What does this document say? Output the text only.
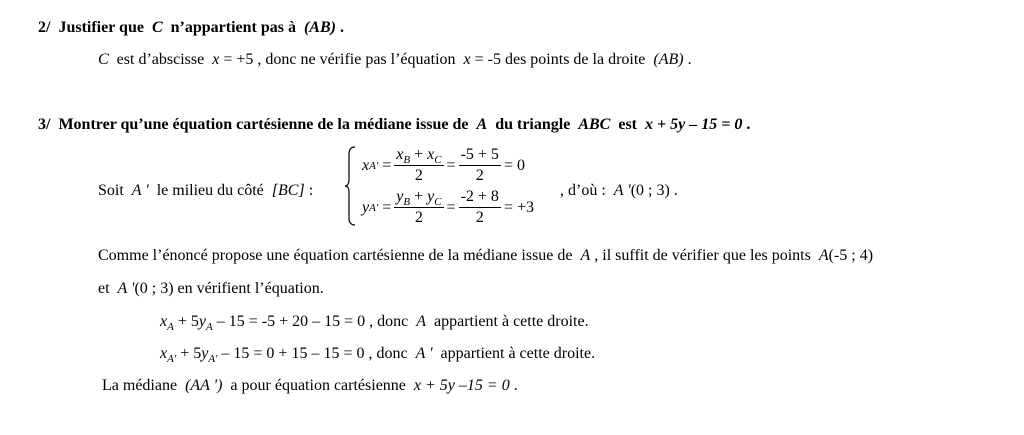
2/ Justifier que C n’appartient pas à (AB) .
C est d’abscisse x = +5 , donc ne vérifie pas l’équation x = -5 des points de la droite (AB) .
3/ Montrer qu’une équation cartésienne de la médiane issue de A du triangle ABC est x + 5y – 15 = 0 .
Soit A ' le milieu du côté [BC] :
x $A' = \frac{x_B + x_C}{2} = \frac{-5 + 5}{2} = 0$
y $A' = \frac{y_B + y_C}{2} = \frac{-2 + 8}{2} = +3$
, d’où : A '(0 ; 3) .
Comme l’énoncé propose une équation cartésienne de la médiane issue de A , il suffit de vérifier que les points A(-5 ; 4)
et A '(0 ; 3) en vérifient l’équation.
$x_A + 5y_A - 15 = -5 + 20 - 15 = 0$ , donc A appartient à cette droite.
$x_{A'} + 5y_{A'} - 15 = 0 + 15 - 15 = 0$ , donc A ' appartient à cette droite.
La médiane (AA ') a pour équation cartésienne x + 5y –15 = 0 .
